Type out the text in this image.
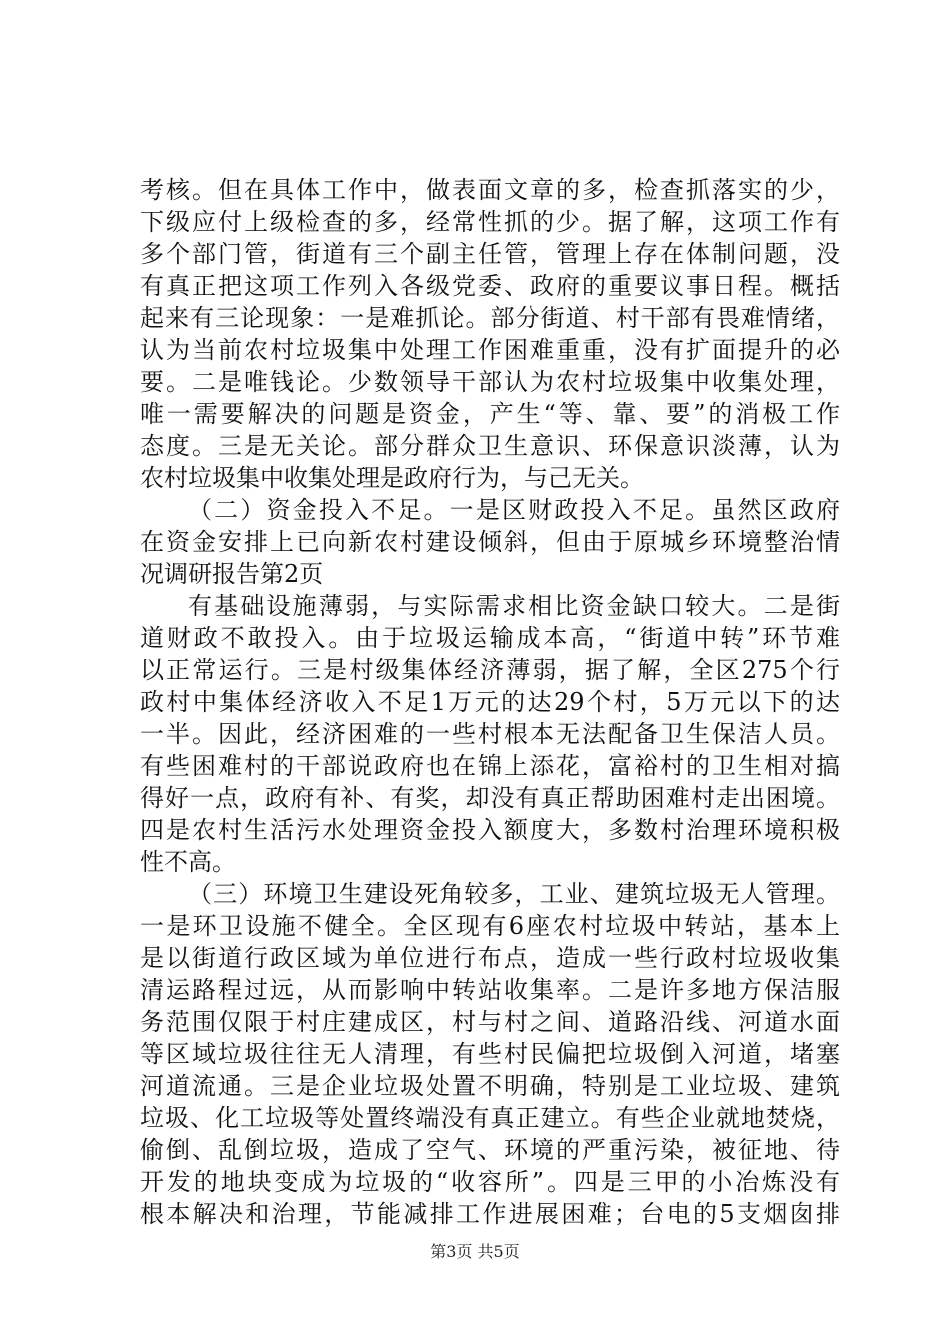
考核。但在具体工作中，做表面文章的多，检查抓落实的少，
下级应付上级检查的多，经常性抓的少。据了解，这项工作有
多个部门管，街道有三个副主任管，管理上存在体制问题，没
有真正把这项工作列入各级党委、政府的重要议事日程。概括
起来有三论现象：一是难抓论。部分街道、村干部有畏难情绪，
认为当前农村垃圾集中处理工作困难重重，没有扩面提升的必
要。二是唯钱论。少数领导干部认为农村垃圾集中收集处理，
唯一需要解决的问题是资金，产生“等、靠、要”的消极工作
态度。三是无关论。部分群众卫生意识、环保意识淡薄，认为
农村垃圾集中收集处理是政府行为，与己无关。
（二）资金投入不足。一是区财政投入不足。虽然区政府
在资金安排上已向新农村建设倾斜，但由于原城乡环境整治情
况调研报告第2页
有基础设施薄弱，与实际需求相比资金缺口较大。二是街
道财政不敢投入。由于垃圾运输成本高，“街道中转”环节难
以正常运行。三是村级集体经济薄弱，据了解，全区275个行
政村中集体经济收入不足1万元的达29个村，5万元以下的达
一半。因此，经济困难的一些村根本无法配备卫生保洁人员。
有些困难村的干部说政府也在锦上添花，富裕村的卫生相对搞
得好一点，政府有补、有奖，却没有真正帮助困难村走出困境。
四是农村生活污水处理资金投入额度大，多数村治理环境积极
性不高。
（三）环境卫生建设死角较多，工业、建筑垃圾无人管理。
一是环卫设施不健全。全区现有6座农村垃圾中转站，基本上
是以街道行政区域为单位进行布点，造成一些行政村垃圾收集
清运路程过远，从而影响中转站收集率。二是许多地方保洁服
务范围仅限于村庄建成区，村与村之间、道路沿线、河道水面
等区域垃圾往往无人清理，有些村民偏把垃圾倒入河道，堵塞
河道流通。三是企业垃圾处置不明确，特别是工业垃圾、建筑
垃圾、化工垃圾等处置终端没有真正建立。有些企业就地焚烧，
偷倒、乱倒垃圾，造成了空气、环境的严重污染，被征地、待
开发的地块变成为垃圾的“收容所”。四是三甲的小冶炼没有
根本解决和治理，节能减排工作进展困难；台电的5支烟囱排
第3页 共5页
